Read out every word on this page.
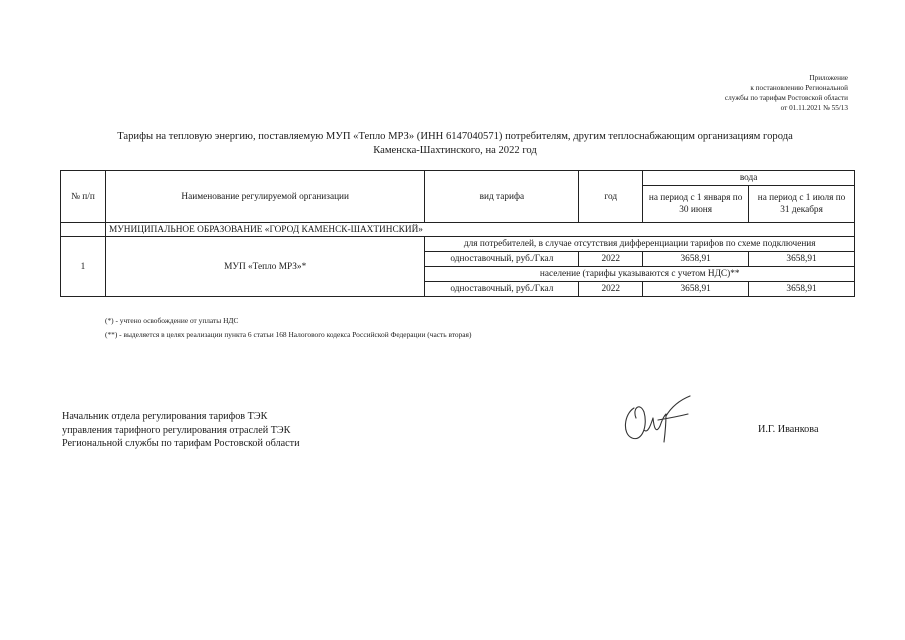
Приложение
к постановлению Региональной
службы по тарифам Ростовской области
от 01.11.2021 № 55/13
Тарифы на тепловую энергию, поставляемую МУП «Тепло МРЗ» (ИНН 6147040571) потребителям, другим теплоснабжающим организациям города
Каменска-Шахтинского, на 2022 год
№ п/п	Наименование регулируемой организации	вид тарифа	год	вода	
				на период с 1 января по 30 июня	на период с 1 июля по 31 декабря
	МУНИЦИПАЛЬНОЕ ОБРАЗОВАНИЕ «ГОРОД КАМЕНСК-ШАХТИНСКИЙ»				
1	МУП «Тепло МРЗ»*	для потребителей, в случае отсутствия дифференциации тарифов по схеме подключения			
		одноставочный, руб./Гкал	2022	3658,91	3658,91
		население (тарифы указываются с учетом НДС)**			
		одноставочный, руб./Гкал	2022	3658,91	3658,91
(*) - учтено освобождение от уплаты НДС
(**) - выделяется в целях реализации пункта 6 статьи 168 Налогового кодекса Российской Федерации (часть вторая)
Начальник отдела регулирования тарифов ТЭК
управления тарифного регулирования отраслей ТЭК
Региональной службы по тарифам Ростовской области
И.Г. Иванкова
